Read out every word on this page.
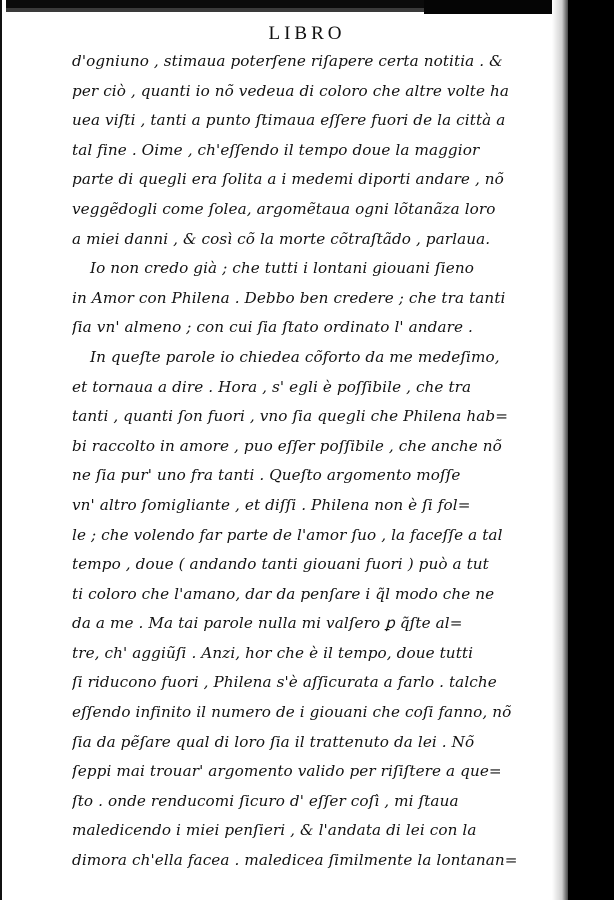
LIBRO
d'ogniuno , stimaua poterſene riſapere certa notitia . &
per ciò , quanti io nõ vedeua di coloro che altre volte ha
uea viſti , tanti a punto ſtimaua eſſere fuori de la città a
tal fine . Oime , ch'eſſendo il tempo doue la maggior
parte di quegli era ſolita a i medemi diporti andare , nõ
veggẽdogli come ſolea, argomẽtaua ogni lõtanãza loro
a miei danni , & così cõ la morte cõtraſtãdo , parlaua.
Io non credo già ; che tutti i lontani giouani ſieno
in Amor con Philena . Debbo ben credere ; che tra tanti
ſia vn' almeno ; con cui ſia ſtato ordinato l' andare .
In queſte parole io chiedea cõforto da me medeſimo,
et tornaua a dire . Hora , s' egli è poſſibile , che tra
tanti , quanti ſon fuori , vno ſia quegli che Philena hab=
bi raccolto in amore , puo eſſer poſſibile , che anche nõ
ne ſia pur' uno fra tanti . Queſto argomento moſſe
vn' altro ſomigliante , et diſſi . Philena non è ſi fol=
le ; che volendo far parte de l'amor ſuo , la faceſſe a tal
tempo , doue ( andando tanti giouani fuori ) può a tut
ti coloro che l'amano, dar da penſare i q̃l modo che ne
da a me . Ma tai parole nulla mi valſero ꝑ q̃ſte al=
tre, ch' aggiũſi . Anzi, hor che è il tempo, doue tutti
ſi riducono fuori , Philena s'è aſſicurata a farlo . talche
eſſendo infinito il numero de i giouani che coſi fanno, nõ
ſia da pẽſare qual di loro ſia il trattenuto da lei . Nõ
ſeppi mai trouar' argomento valido per riſiſtere a que=
ſto . onde renducomi ſicuro d' eſſer coſì , mi ſtaua
maledicendo i miei penſieri , & l'andata di lei con la
dimora ch'ella facea . maledicea ſimilmente la lontanan=
